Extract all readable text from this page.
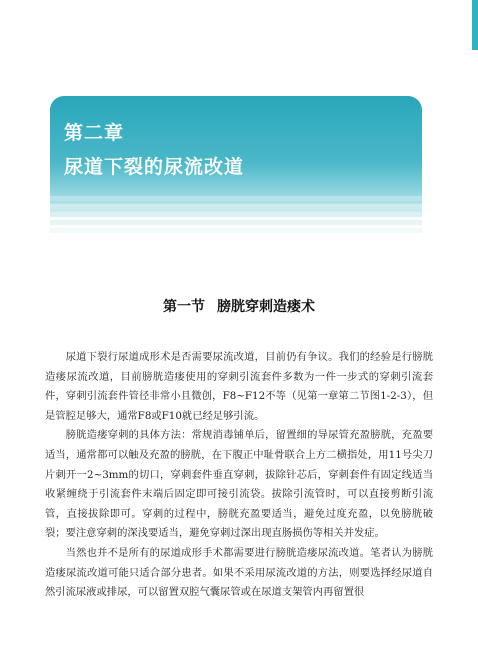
第二章
尿道下裂的尿流改道
第一节 膀胱穿刺造瘘术

尿道下裂行尿道成形术是否需要尿流改道，目前仍有争议。我们的经验是行膀胱造瘘尿流改道，目前膀胱造瘘使用的穿刺引流套件多数为一件一步式的穿刺引流套件，穿刺引流套件管径非常小且微创，F8~F12不等（见第一章第二节图1-2-3），但是管腔足够大，通常F8或F10就已经足够引流。

膀胱造瘘穿刺的具体方法：常规消毒铺单后，留置细的导尿管充盈膀胱，充盈要适当，通常都可以触及充盈的膀胱，在下腹正中耻骨联合上方二横指处，用11号尖刀片刺开一2~3mm的切口，穿刺套件垂直穿刺，拔除针芯后，穿刺套件有固定线适当收紧缠绕于引流套件末端后固定即可接引流袋。拔除引流管时，可以直接剪断引流管，直接拔除即可。穿刺的过程中，膀胱充盈要适当，避免过度充盈，以免膀胱破裂；要注意穿刺的深浅要适当，避免穿刺过深出现直肠损伤等相关并发症。

当然也并不是所有的尿道成形手术都需要进行膀胱造瘘尿流改道。笔者认为膀胱造瘘尿流改道可能只适合部分患者。如果不采用尿流改道的方法，则要选择经尿道自然引流尿液或排尿，可以留置双腔气囊尿管或在尿道支架管内再留置很
